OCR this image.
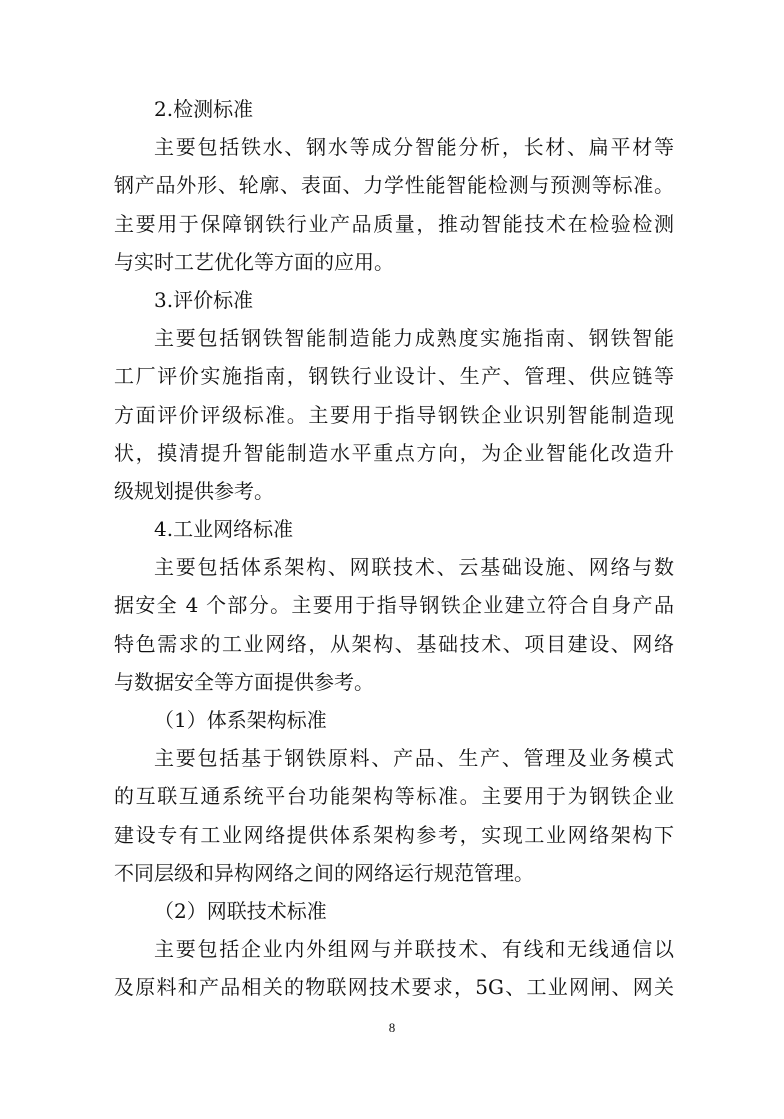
2.检测标准
主要包括铁水、钢水等成分智能分析，长材、扁平材等
钢产品外形、轮廓、表面、力学性能智能检测与预测等标准。
主要用于保障钢铁行业产品质量，推动智能技术在检验检测
与实时工艺优化等方面的应用。
3.评价标准
主要包括钢铁智能制造能力成熟度实施指南、钢铁智能
工厂评价实施指南，钢铁行业设计、生产、管理、供应链等
方面评价评级标准。主要用于指导钢铁企业识别智能制造现
状，摸清提升智能制造水平重点方向，为企业智能化改造升
级规划提供参考。
4.工业网络标准
主要包括体系架构、网联技术、云基础设施、网络与数
据安全 4 个部分。主要用于指导钢铁企业建立符合自身产品
特色需求的工业网络，从架构、基础技术、项目建设、网络
与数据安全等方面提供参考。
（1）体系架构标准
主要包括基于钢铁原料、产品、生产、管理及业务模式
的互联互通系统平台功能架构等标准。主要用于为钢铁企业
建设专有工业网络提供体系架构参考，实现工业网络架构下
不同层级和异构网络之间的网络运行规范管理。
（2）网联技术标准
主要包括企业内外组网与并联技术、有线和无线通信以
及原料和产品相关的物联网技术要求，5G、工业网闸、网关
8
